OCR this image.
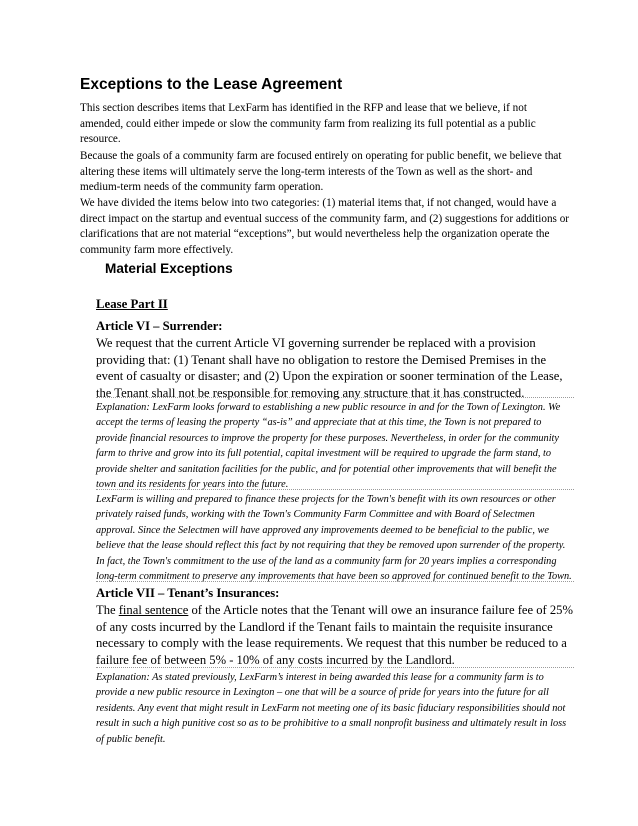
Exceptions to the Lease Agreement

This section describes items that LexFarm has identified in the RFP and lease that we believe, if not amended, could either impede or slow the community farm from realizing its full potential as a public resource.

Because the goals of a community farm are focused entirely on operating for public benefit, we believe that altering these items will ultimately serve the long-term interests of the Town as well as the short- and medium-term needs of the community farm operation.

We have divided the items below into two categories: (1) material items that, if not changed, would have a direct impact on the startup and eventual success of the community farm, and (2) suggestions for additions or clarifications that are not material “exceptions”, but would nevertheless help the organization operate the community farm more effectively.

Material Exceptions
Lease Part II
Article VI – Surrender:
We request that the current Article VI governing surrender be replaced with a provision providing that: (1) Tenant shall have no obligation to restore the Demised Premises in the event of casualty or disaster; and (2) Upon the expiration or sooner termination of the Lease, the Tenant shall not be responsible for removing any structure that it has constructed.

Explanation: LexFarm looks forward to establishing a new public resource in and for the Town of Lexington. We accept the terms of leasing the property “as-is” and appreciate that at this time, the Town is not prepared to provide financial resources to improve the property for these purposes. Nevertheless, in order for the community farm to thrive and grow into its full potential, capital investment will be required to upgrade the farm stand, to provide shelter and sanitation facilities for the public, and for potential other improvements that will benefit the town and its residents for years into the future.

LexFarm is willing and prepared to finance these projects for the Town's benefit with its own resources or other privately raised funds, working with the Town's Community Farm Committee and with Board of Selectmen approval. Since the Selectmen will have approved any improvements deemed to be beneficial to the public, we believe that the lease should reflect this fact by not requiring that they be removed upon surrender of the property. In fact, the Town's commitment to the use of the land as a community farm for 20 years implies a corresponding long-term commitment to preserve any improvements that have been so approved for continued benefit to the Town.

Article VII – Tenant’s Insurances:
The final sentence of the Article notes that the Tenant will owe an insurance failure fee of 25% of any costs incurred by the Landlord if the Tenant fails to maintain the requisite insurance necessary to comply with the lease requirements. We request that this number be reduced to a failure fee of between 5% - 10% of any costs incurred by the Landlord.

Explanation: As stated previously, LexFarm’s interest in being awarded this lease for a community farm is to provide a new public resource in Lexington – one that will be a source of pride for years into the future for all residents. Any event that might result in LexFarm not meeting one of its basic fiduciary responsibilities should not result in such a high punitive cost so as to be prohibitive to a small nonprofit business and ultimately result in loss of public benefit.
